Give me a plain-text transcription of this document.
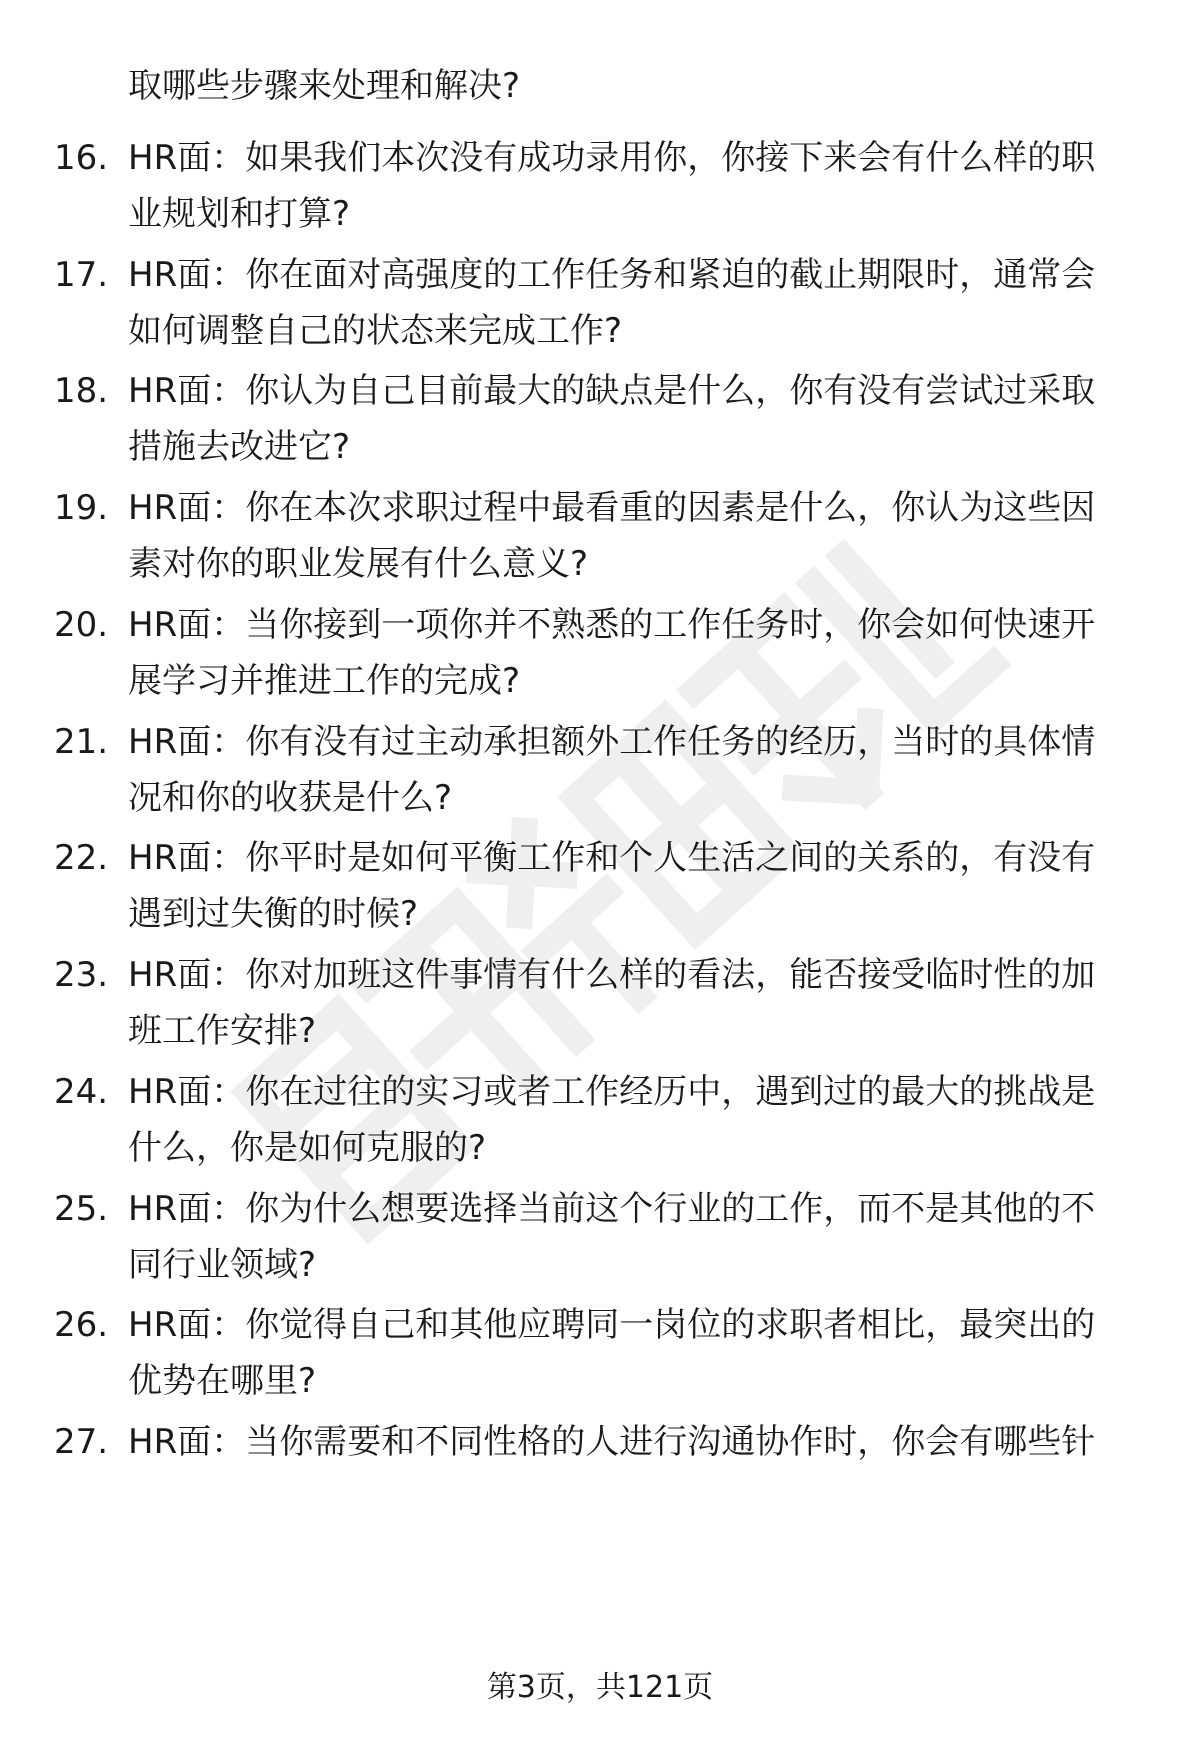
取哪些步骤来处理和解决?
16. HR面：如果我们本次没有成功录用你，你接下来会有什么样的职
业规划和打算?
17. HR面：你在面对高强度的工作任务和紧迫的截止期限时，通常会
如何调整自己的状态来完成工作?
18. HR面：你认为自己目前最大的缺点是什么，你有没有尝试过采取
措施去改进它?
19. HR面：你在本次求职过程中最看重的因素是什么，你认为这些因
素对你的职业发展有什么意义?
20. HR面：当你接到一项你并不熟悉的工作任务时，你会如何快速开
展学习并推进工作的完成?
21. HR面：你有没有过主动承担额外工作任务的经历，当时的具体情
况和你的收获是什么?
22. HR面：你平时是如何平衡工作和个人生活之间的关系的，有没有
遇到过失衡的时候?
23. HR面：你对加班这件事情有什么样的看法，能否接受临时性的加
班工作安排?
24. HR面：你在过往的实习或者工作经历中，遇到过的最大的挑战是
什么，你是如何克服的?
25. HR面：你为什么想要选择当前这个行业的工作，而不是其他的不
同行业领域?
26. HR面：你觉得自己和其他应聘同一岗位的求职者相比，最突出的
优势在哪里?
27. HR面：当你需要和不同性格的人进行沟通协作时，你会有哪些针
第3页，共121页
